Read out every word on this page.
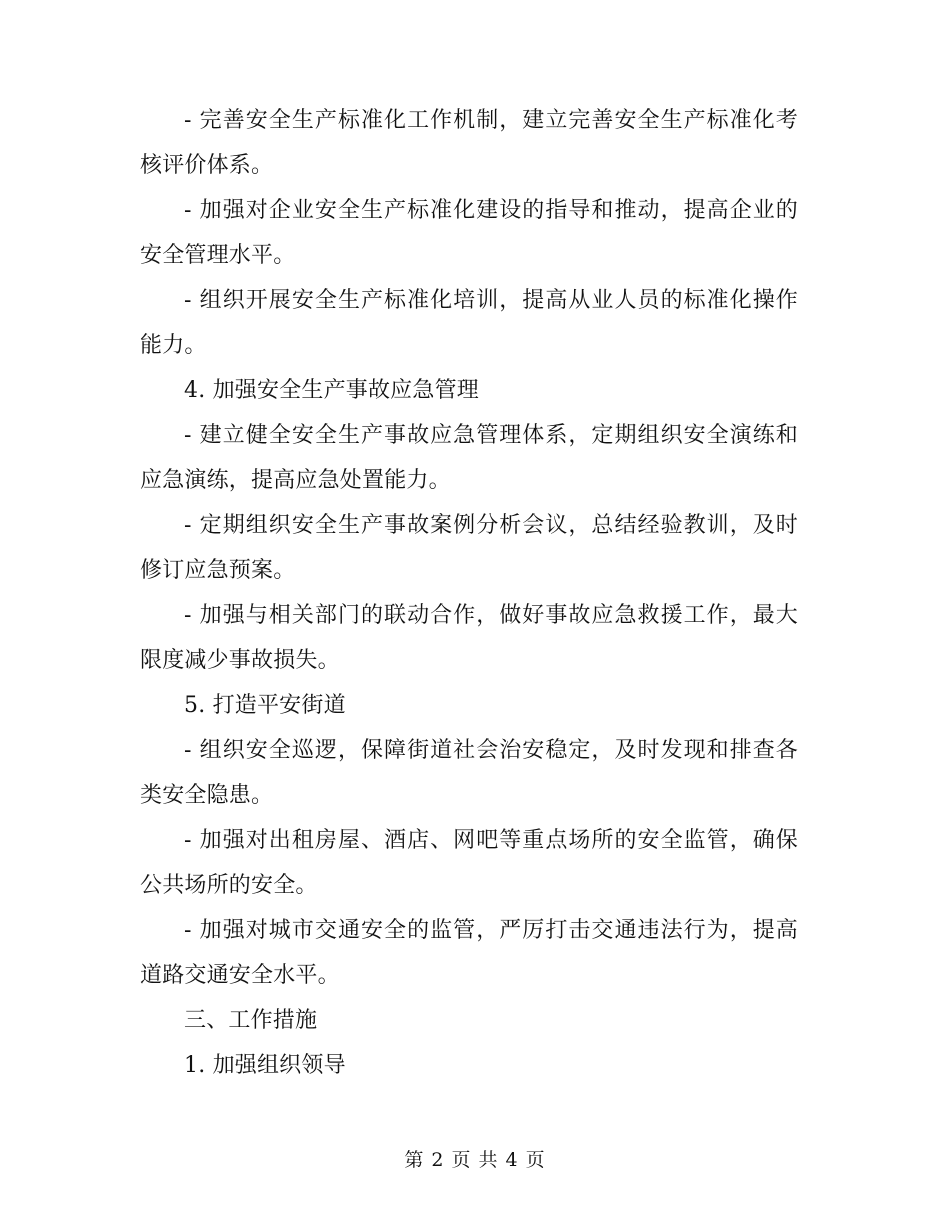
- 完善安全生产标准化工作机制，建立完善安全生产标准化考核评价体系。

- 加强对企业安全生产标准化建设的指导和推动，提高企业的安全管理水平。

- 组织开展安全生产标准化培训，提高从业人员的标准化操作能力。

4. 加强安全生产事故应急管理

- 建立健全安全生产事故应急管理体系，定期组织安全演练和应急演练，提高应急处置能力。

- 定期组织安全生产事故案例分析会议，总结经验教训，及时修订应急预案。

- 加强与相关部门的联动合作，做好事故应急救援工作，最大限度减少事故损失。

5. 打造平安街道

- 组织安全巡逻，保障街道社会治安稳定，及时发现和排查各类安全隐患。

- 加强对出租房屋、酒店、网吧等重点场所的安全监管，确保公共场所的安全。

- 加强对城市交通安全的监管，严厉打击交通违法行为，提高道路交通安全水平。

三、工作措施

1. 加强组织领导

第 2 页 共 4 页
